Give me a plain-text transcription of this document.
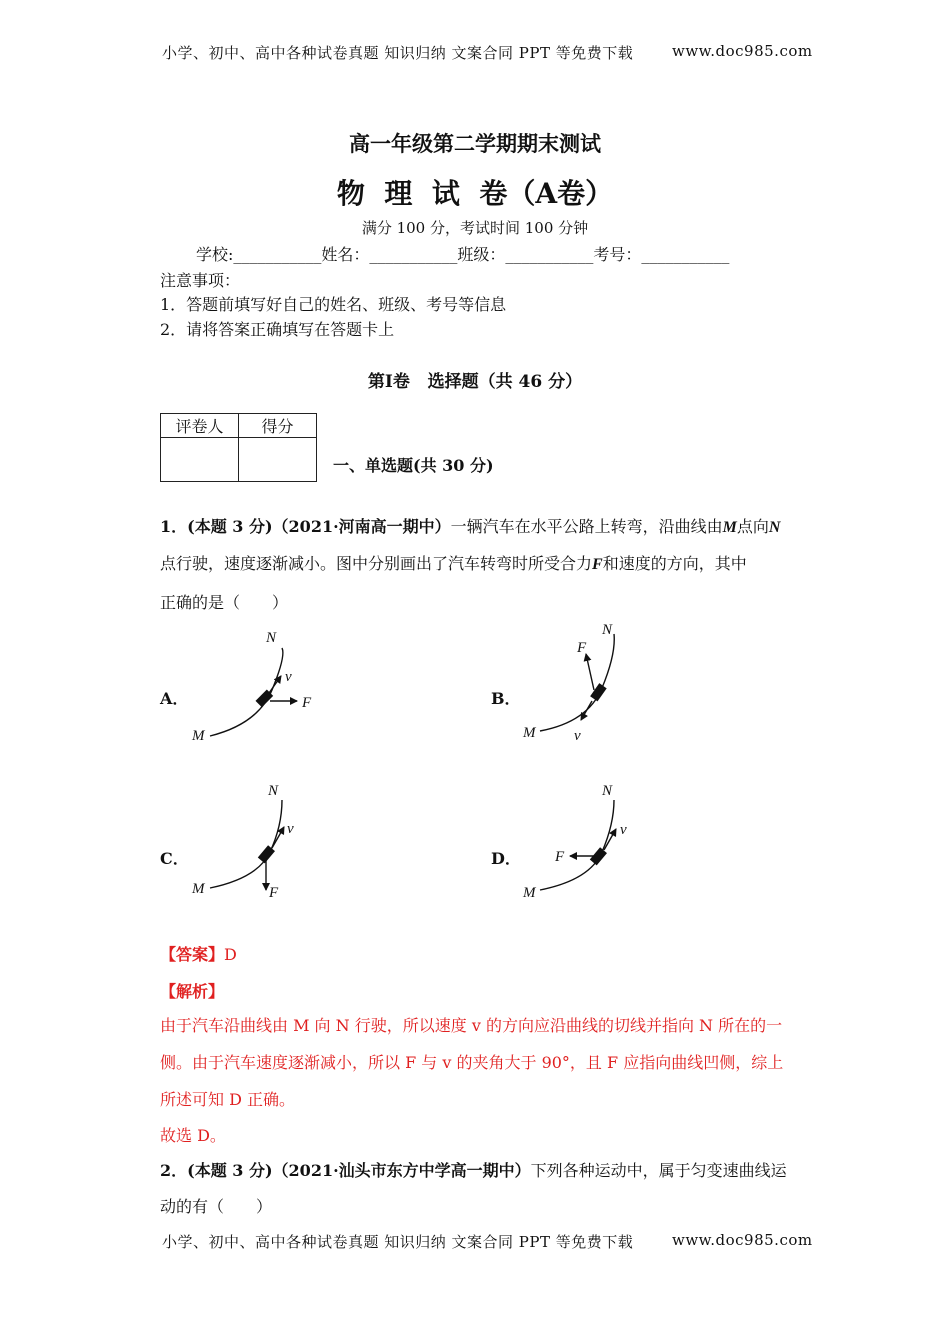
小学、初中、高中各种试卷真题 知识归纳 文案合同 PPT 等免费下载	www.doc985.com
高一年级第二学期期末测试
物  理  试  卷（A卷）
满分 100 分，考试时间 100 分钟
学校:___________姓名：___________班级：___________考号：___________
注意事项：
1．答题前填写好自己的姓名、班级、考号等信息
2．请将答案正确填写在答题卡上
第Ⅰ卷   选择题（共 46 分）
评卷人	得分

一、单选题(共 30 分)
1．(本题 3 分)（2021·河南高一期中）一辆汽车在水平公路上转弯，沿曲线由M点向N
点行驶，速度逐渐减小。图中分别画出了汽车转弯时所受合力F和速度的方向，其中
正确的是（　　）
A．	B．
C．	D．
M
N
v
F
M
N
F
v
M
N
v
F	M
N
v
F
【答案】D
【解析】
由于汽车沿曲线由 M 向 N 行驶，所以速度 v 的方向应沿曲线的切线并指向 N 所在的一
侧。由于汽车速度逐渐减小，所以 F 与 v 的夹角大于 90°，且 F 应指向曲线凹侧，综上
所述可知 D 正确。
故选 D。
2．(本题 3 分)（2021·汕头市东方中学高一期中）下列各种运动中，属于匀变速曲线运
动的有（　　）
小学、初中、高中各种试卷真题 知识归纳 文案合同 PPT 等免费下载	www.doc985.com
